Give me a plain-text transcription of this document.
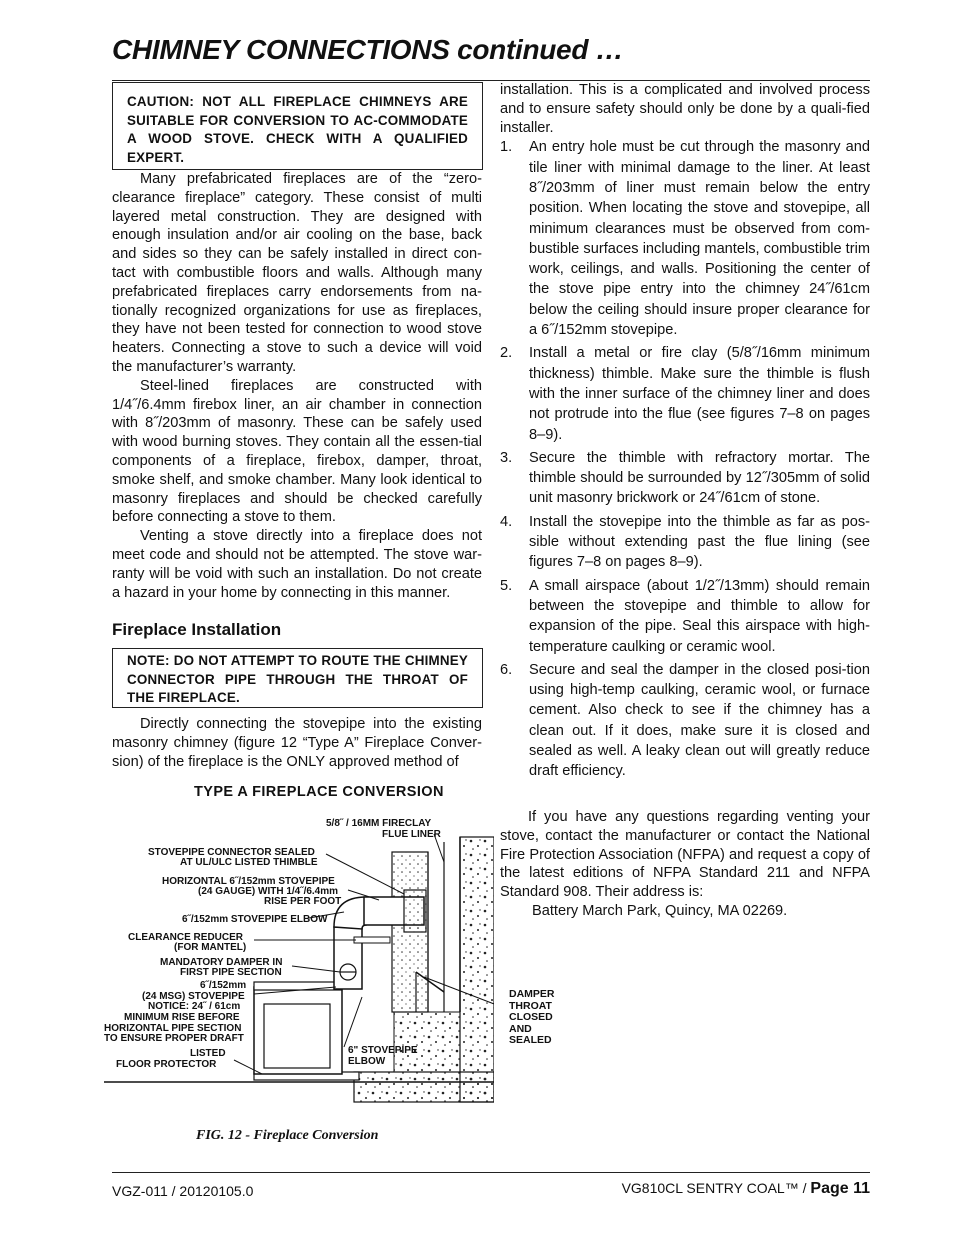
CHIMNEY CONNECTIONS continued …
CAUTION: NOT ALL FIREPLACE CHIMNEYS ARE SUITABLE FOR CONVERSION TO AC-COMMODATE A WOOD STOVE. CHECK WITH A QUALIFIED EXPERT.

Many prefabricated fireplaces are of the “zero-clearance fireplace” category. These consist of multi layered metal construction. They are designed with enough insulation and/or air cooling on the base, back and sides so they can be safely installed in direct con-tact with combustible floors and walls. Although many prefabricated fireplaces carry endorsements from na-tionally recognized organizations for use as fireplaces, they have not been tested for connection to wood stove heaters. Connecting a stove to such a device will void the manufacturer’s warranty.

Steel-lined fireplaces are constructed with 1/4˝/6.4mm firebox liner, an air chamber in connection with 8˝/203mm of masonry. These can be safely used with wood burning stoves. They contain all the essen-tial components of a fireplace, firebox, damper, throat, smoke shelf, and smoke chamber. Many look identical to masonry fireplaces and should be checked carefully before connecting a stove to them.

Venting a stove directly into a fireplace does not meet code and should not be attempted. The stove war-ranty will be void with such an installation. Do not create a hazard in your home by connecting in this manner.

Fireplace Installation
NOTE: DO NOT ATTEMPT TO ROUTE THE CHIMNEY CONNECTOR PIPE THROUGH THE THROAT OF THE FIREPLACE.

Directly connecting the stovepipe into the existing masonry chimney (figure 12 “Type A” Fireplace Conver-sion) of the fireplace is the ONLY approved method of

installation. This is a complicated and involved process and to ensure safety should only be done by a quali-fied installer.

1. An entry hole must be cut through the masonry and tile liner with minimal damage to the liner. At least 8˝/203mm of liner must remain below the entry position. When locating the stove and stovepipe, all minimum clearances must be observed from com-bustible surfaces including mantels, combustible trim work, ceilings, and walls. Positioning the center of the stove pipe entry into the chimney 24˝/61cm below the ceiling should insure proper clearance for a 6˝/152mm stovepipe.
2. Install a metal or fire clay (5/8˝/16mm minimum thickness) thimble. Make sure the thimble is flush with the inner surface of the chimney liner and does not protrude into the flue (see figures 7–8 on pages 8–9).
3. Secure the thimble with refractory mortar. The thimble should be surrounded by 12˝/305mm of solid unit masonry brickwork or 24˝/61cm of stone.
4. Install the stovepipe into the thimble as far as pos-sible without extending past the flue lining (see figures 7–8 on pages 8–9).
5. A small airspace (about 1/2˝/13mm) should remain between the stovepipe and thimble to allow for expansion of the pipe. Seal this airspace with high-temperature caulking or ceramic wool.
6. Secure and seal the damper in the closed posi-tion using high-temp caulking, ceramic wool, or furnace cement. Also check to see if the chimney has a clean out. If it does, make sure it is closed and sealed as well. A leaky clean out will greatly reduce draft efficiency.

If you have any questions regarding venting your stove, contact the manufacturer or contact the National Fire Protection Association (NFPA) and request a copy of the latest editions of NFPA Standard 211 and NFPA Standard 908. Their address is:

Battery March Park, Quincy, MA 02269.

5/8˝ / 16MM FIRECLAY
FLUE LINER
STOVEPIPE CONNECTOR SEALED
AT UL/ULC LISTED THIMBLE
HORIZONTAL 6˝/152mm STOVEPIPE
(24 GAUGE) WITH 1/4˝/6.4mm
RISE PER FOOT
6˝/152mm STOVEPIPE ELBOW
CLEARANCE REDUCER
(FOR MANTEL)
MANDATORY DAMPER IN
FIRST PIPE SECTION
6˝/152mm
(24 MSG) STOVEPIPE
NOTICE: 24˝ / 61cm
MINIMUM RISE BEFORE
HORIZONTAL PIPE SECTION
TO ENSURE PROPER DRAFT
LISTED
FLOOR PROTECTOR
6" STOVEPIPE
ELBOW
DAMPER
THROAT
CLOSED
AND
SEALED
TYPE A FIREPLACE CONVERSION
FIG. 12 - Fireplace Conversion
VGZ-011 / 20120105.0	VG810CL SENTRY COAL™ / Page 11
